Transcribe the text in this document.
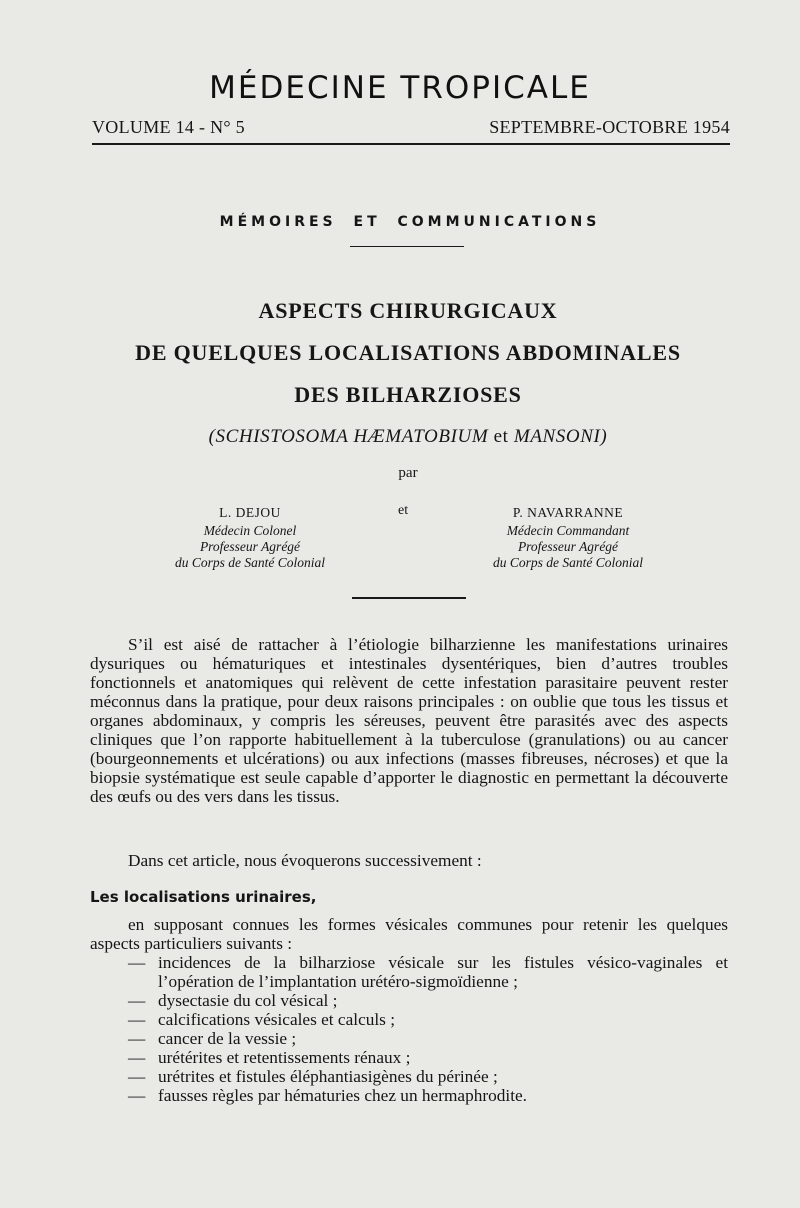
MÉDECINE TROPICALE
VOLUME 14 - N° 5	SEPTEMBRE-OCTOBRE 1954
MÉMOIRES ET COMMUNICATIONS
ASPECTS CHIRURGICAUX
DE QUELQUES LOCALISATIONS ABDOMINALES
DES BILHARZIOSES
(SCHISTOSOMA HÆMATOBIUM et MANSONI)
par
L. DEJOU
Médecin Colonel
Professeur Agrégé
du Corps de Santé Colonial
et	P. NAVARRANNE
Médecin Commandant
Professeur Agrégé
du Corps de Santé Colonial

S’il est aisé de rattacher à l’étiologie bilharzienne les manifestations urinaires dysuriques ou hématuriques et intestinales dysentériques, bien d’autres troubles fonctionnels et anatomiques qui relèvent de cette infestation parasitaire peuvent rester méconnus dans la pratique, pour deux raisons principales : on oublie que tous les tissus et organes abdominaux, y compris les séreuses, peuvent être parasités avec des aspects cliniques que l’on rapporte habituellement à la tuberculose (granulations) ou au cancer (bourgeonnements et ulcérations) ou aux infections (masses fibreuses, nécroses) et que la biopsie systématique est seule capable d’apporter le diagnostic en permettant la découverte des œufs ou des vers dans les tissus.

Dans cet article, nous évoquerons successivement :

Les localisations urinaires,

en supposant connues les formes vésicales communes pour retenir les quelques aspects particuliers suivants :

— incidences de la bilharziose vésicale sur les fistules vésico-vaginales et l’opération de l’implantation urétéro-sigmoïdienne ;
— dysectasie du col vésical ;
— calcifications vésicales et calculs ;
— cancer de la vessie ;
— urétérites et retentissements rénaux ;
— urétrites et fistules éléphantiasigènes du périnée ;
— fausses règles par hématuries chez un hermaphrodite.
